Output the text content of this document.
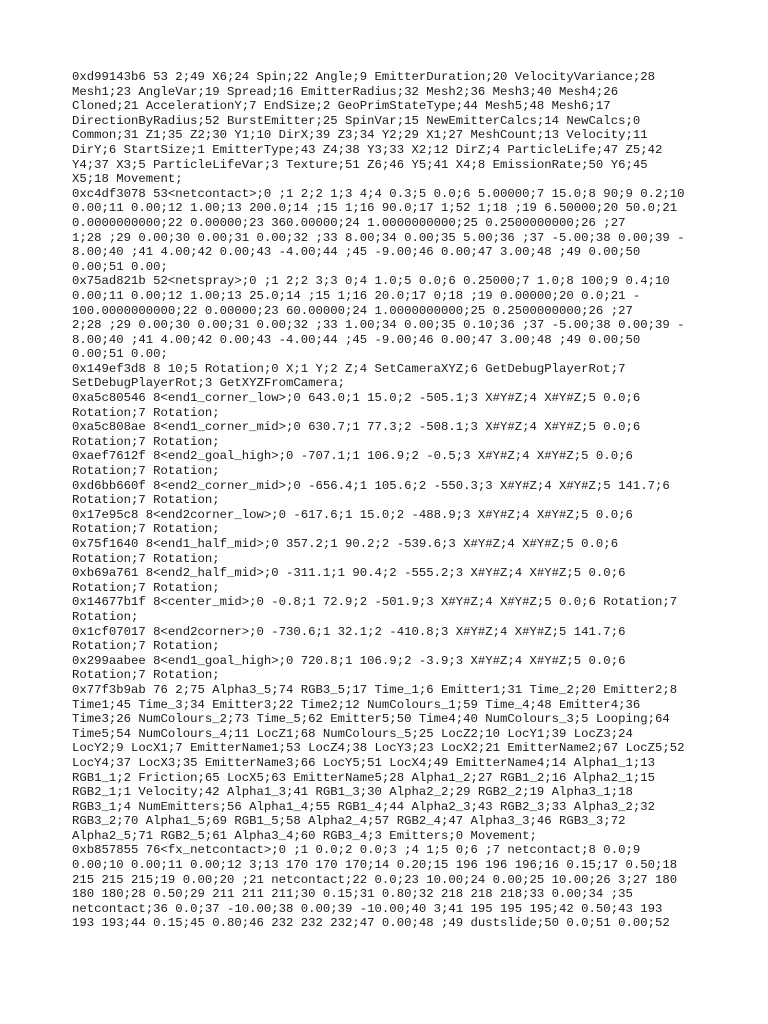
0xd99143b6 53 2;49 X6;24 Spin;22 Angle;9 EmitterDuration;20 VelocityVariance;28
Mesh1;23 AngleVar;19 Spread;16 EmitterRadius;32 Mesh2;36 Mesh3;40 Mesh4;26
Cloned;21 AccelerationY;7 EndSize;2 GeoPrimStateType;44 Mesh5;48 Mesh6;17
DirectionByRadius;52 BurstEmitter;25 SpinVar;15 NewEmitterCalcs;14 NewCalcs;0
Common;31 Z1;35 Z2;30 Y1;10 DirX;39 Z3;34 Y2;29 X1;27 MeshCount;13 Velocity;11
DirY;6 StartSize;1 EmitterType;43 Z4;38 Y3;33 X2;12 DirZ;4 ParticleLife;47 Z5;42
Y4;37 X3;5 ParticleLifeVar;3 Texture;51 Z6;46 Y5;41 X4;8 EmissionRate;50 Y6;45
X5;18 Movement;
0xc4df3078 53<netcontact>;0 ;1 2;2 1;3 4;4 0.3;5 0.0;6 5.00000;7 15.0;8 90;9 0.2;10
0.00;11 0.00;12 1.00;13 200.0;14 ;15 1;16 90.0;17 1;52 1;18 ;19 6.50000;20 50.0;21
0.0000000000;22 0.00000;23 360.00000;24 1.0000000000;25 0.2500000000;26 ;27
1;28 ;29 0.00;30 0.00;31 0.00;32 ;33 8.00;34 0.00;35 5.00;36 ;37 -5.00;38 0.00;39 -
8.00;40 ;41 4.00;42 0.00;43 -4.00;44 ;45 -9.00;46 0.00;47 3.00;48 ;49 0.00;50
0.00;51 0.00;
0x75ad821b 52<netspray>;0 ;1 2;2 3;3 0;4 1.0;5 0.0;6 0.25000;7 1.0;8 100;9 0.4;10
0.00;11 0.00;12 1.00;13 25.0;14 ;15 1;16 20.0;17 0;18 ;19 0.00000;20 0.0;21 -
100.0000000000;22 0.00000;23 60.00000;24 1.0000000000;25 0.2500000000;26 ;27
2;28 ;29 0.00;30 0.00;31 0.00;32 ;33 1.00;34 0.00;35 0.10;36 ;37 -5.00;38 0.00;39 -
8.00;40 ;41 4.00;42 0.00;43 -4.00;44 ;45 -9.00;46 0.00;47 3.00;48 ;49 0.00;50
0.00;51 0.00;
0x149ef3d8 8 10;5 Rotation;0 X;1 Y;2 Z;4 SetCameraXYZ;6 GetDebugPlayerRot;7
SetDebugPlayerRot;3 GetXYZFromCamera;
0xa5c80546 8<end1_corner_low>;0 643.0;1 15.0;2 -505.1;3 X#Y#Z;4 X#Y#Z;5 0.0;6
Rotation;7 Rotation;
0xa5c808ae 8<end1_corner_mid>;0 630.7;1 77.3;2 -508.1;3 X#Y#Z;4 X#Y#Z;5 0.0;6
Rotation;7 Rotation;
0xaef7612f 8<end2_goal_high>;0 -707.1;1 106.9;2 -0.5;3 X#Y#Z;4 X#Y#Z;5 0.0;6
Rotation;7 Rotation;
0xd6bb660f 8<end2_corner_mid>;0 -656.4;1 105.6;2 -550.3;3 X#Y#Z;4 X#Y#Z;5 141.7;6
Rotation;7 Rotation;
0x17e95c8 8<end2corner_low>;0 -617.6;1 15.0;2 -488.9;3 X#Y#Z;4 X#Y#Z;5 0.0;6
Rotation;7 Rotation;
0x75f1640 8<end1_half_mid>;0 357.2;1 90.2;2 -539.6;3 X#Y#Z;4 X#Y#Z;5 0.0;6
Rotation;7 Rotation;
0xb69a761 8<end2_half_mid>;0 -311.1;1 90.4;2 -555.2;3 X#Y#Z;4 X#Y#Z;5 0.0;6
Rotation;7 Rotation;
0x14677b1f 8<center_mid>;0 -0.8;1 72.9;2 -501.9;3 X#Y#Z;4 X#Y#Z;5 0.0;6 Rotation;7
Rotation;
0x1cf07017 8<end2corner>;0 -730.6;1 32.1;2 -410.8;3 X#Y#Z;4 X#Y#Z;5 141.7;6
Rotation;7 Rotation;
0x299aabee 8<end1_goal_high>;0 720.8;1 106.9;2 -3.9;3 X#Y#Z;4 X#Y#Z;5 0.0;6
Rotation;7 Rotation;
0x77f3b9ab 76 2;75 Alpha3_5;74 RGB3_5;17 Time_1;6 Emitter1;31 Time_2;20 Emitter2;8
Time1;45 Time_3;34 Emitter3;22 Time2;12 NumColours_1;59 Time_4;48 Emitter4;36
Time3;26 NumColours_2;73 Time_5;62 Emitter5;50 Time4;40 NumColours_3;5 Looping;64
Time5;54 NumColours_4;11 LocZ1;68 NumColours_5;25 LocZ2;10 LocY1;39 LocZ3;24
LocY2;9 LocX1;7 EmitterName1;53 LocZ4;38 LocY3;23 LocX2;21 EmitterName2;67 LocZ5;52
LocY4;37 LocX3;35 EmitterName3;66 LocY5;51 LocX4;49 EmitterName4;14 Alpha1_1;13
RGB1_1;2 Friction;65 LocX5;63 EmitterName5;28 Alpha1_2;27 RGB1_2;16 Alpha2_1;15
RGB2_1;1 Velocity;42 Alpha1_3;41 RGB1_3;30 Alpha2_2;29 RGB2_2;19 Alpha3_1;18
RGB3_1;4 NumEmitters;56 Alpha1_4;55 RGB1_4;44 Alpha2_3;43 RGB2_3;33 Alpha3_2;32
RGB3_2;70 Alpha1_5;69 RGB1_5;58 Alpha2_4;57 RGB2_4;47 Alpha3_3;46 RGB3_3;72
Alpha2_5;71 RGB2_5;61 Alpha3_4;60 RGB3_4;3 Emitters;0 Movement;
0xb857855 76<fx_netcontact>;0 ;1 0.0;2 0.0;3 ;4 1;5 0;6 ;7 netcontact;8 0.0;9
0.00;10 0.00;11 0.00;12 3;13 170 170 170;14 0.20;15 196 196 196;16 0.15;17 0.50;18
215 215 215;19 0.00;20 ;21 netcontact;22 0.0;23 10.00;24 0.00;25 10.00;26 3;27 180
180 180;28 0.50;29 211 211 211;30 0.15;31 0.80;32 218 218 218;33 0.00;34 ;35
netcontact;36 0.0;37 -10.00;38 0.00;39 -10.00;40 3;41 195 195 195;42 0.50;43 193
193 193;44 0.15;45 0.80;46 232 232 232;47 0.00;48 ;49 dustslide;50 0.0;51 0.00;52
